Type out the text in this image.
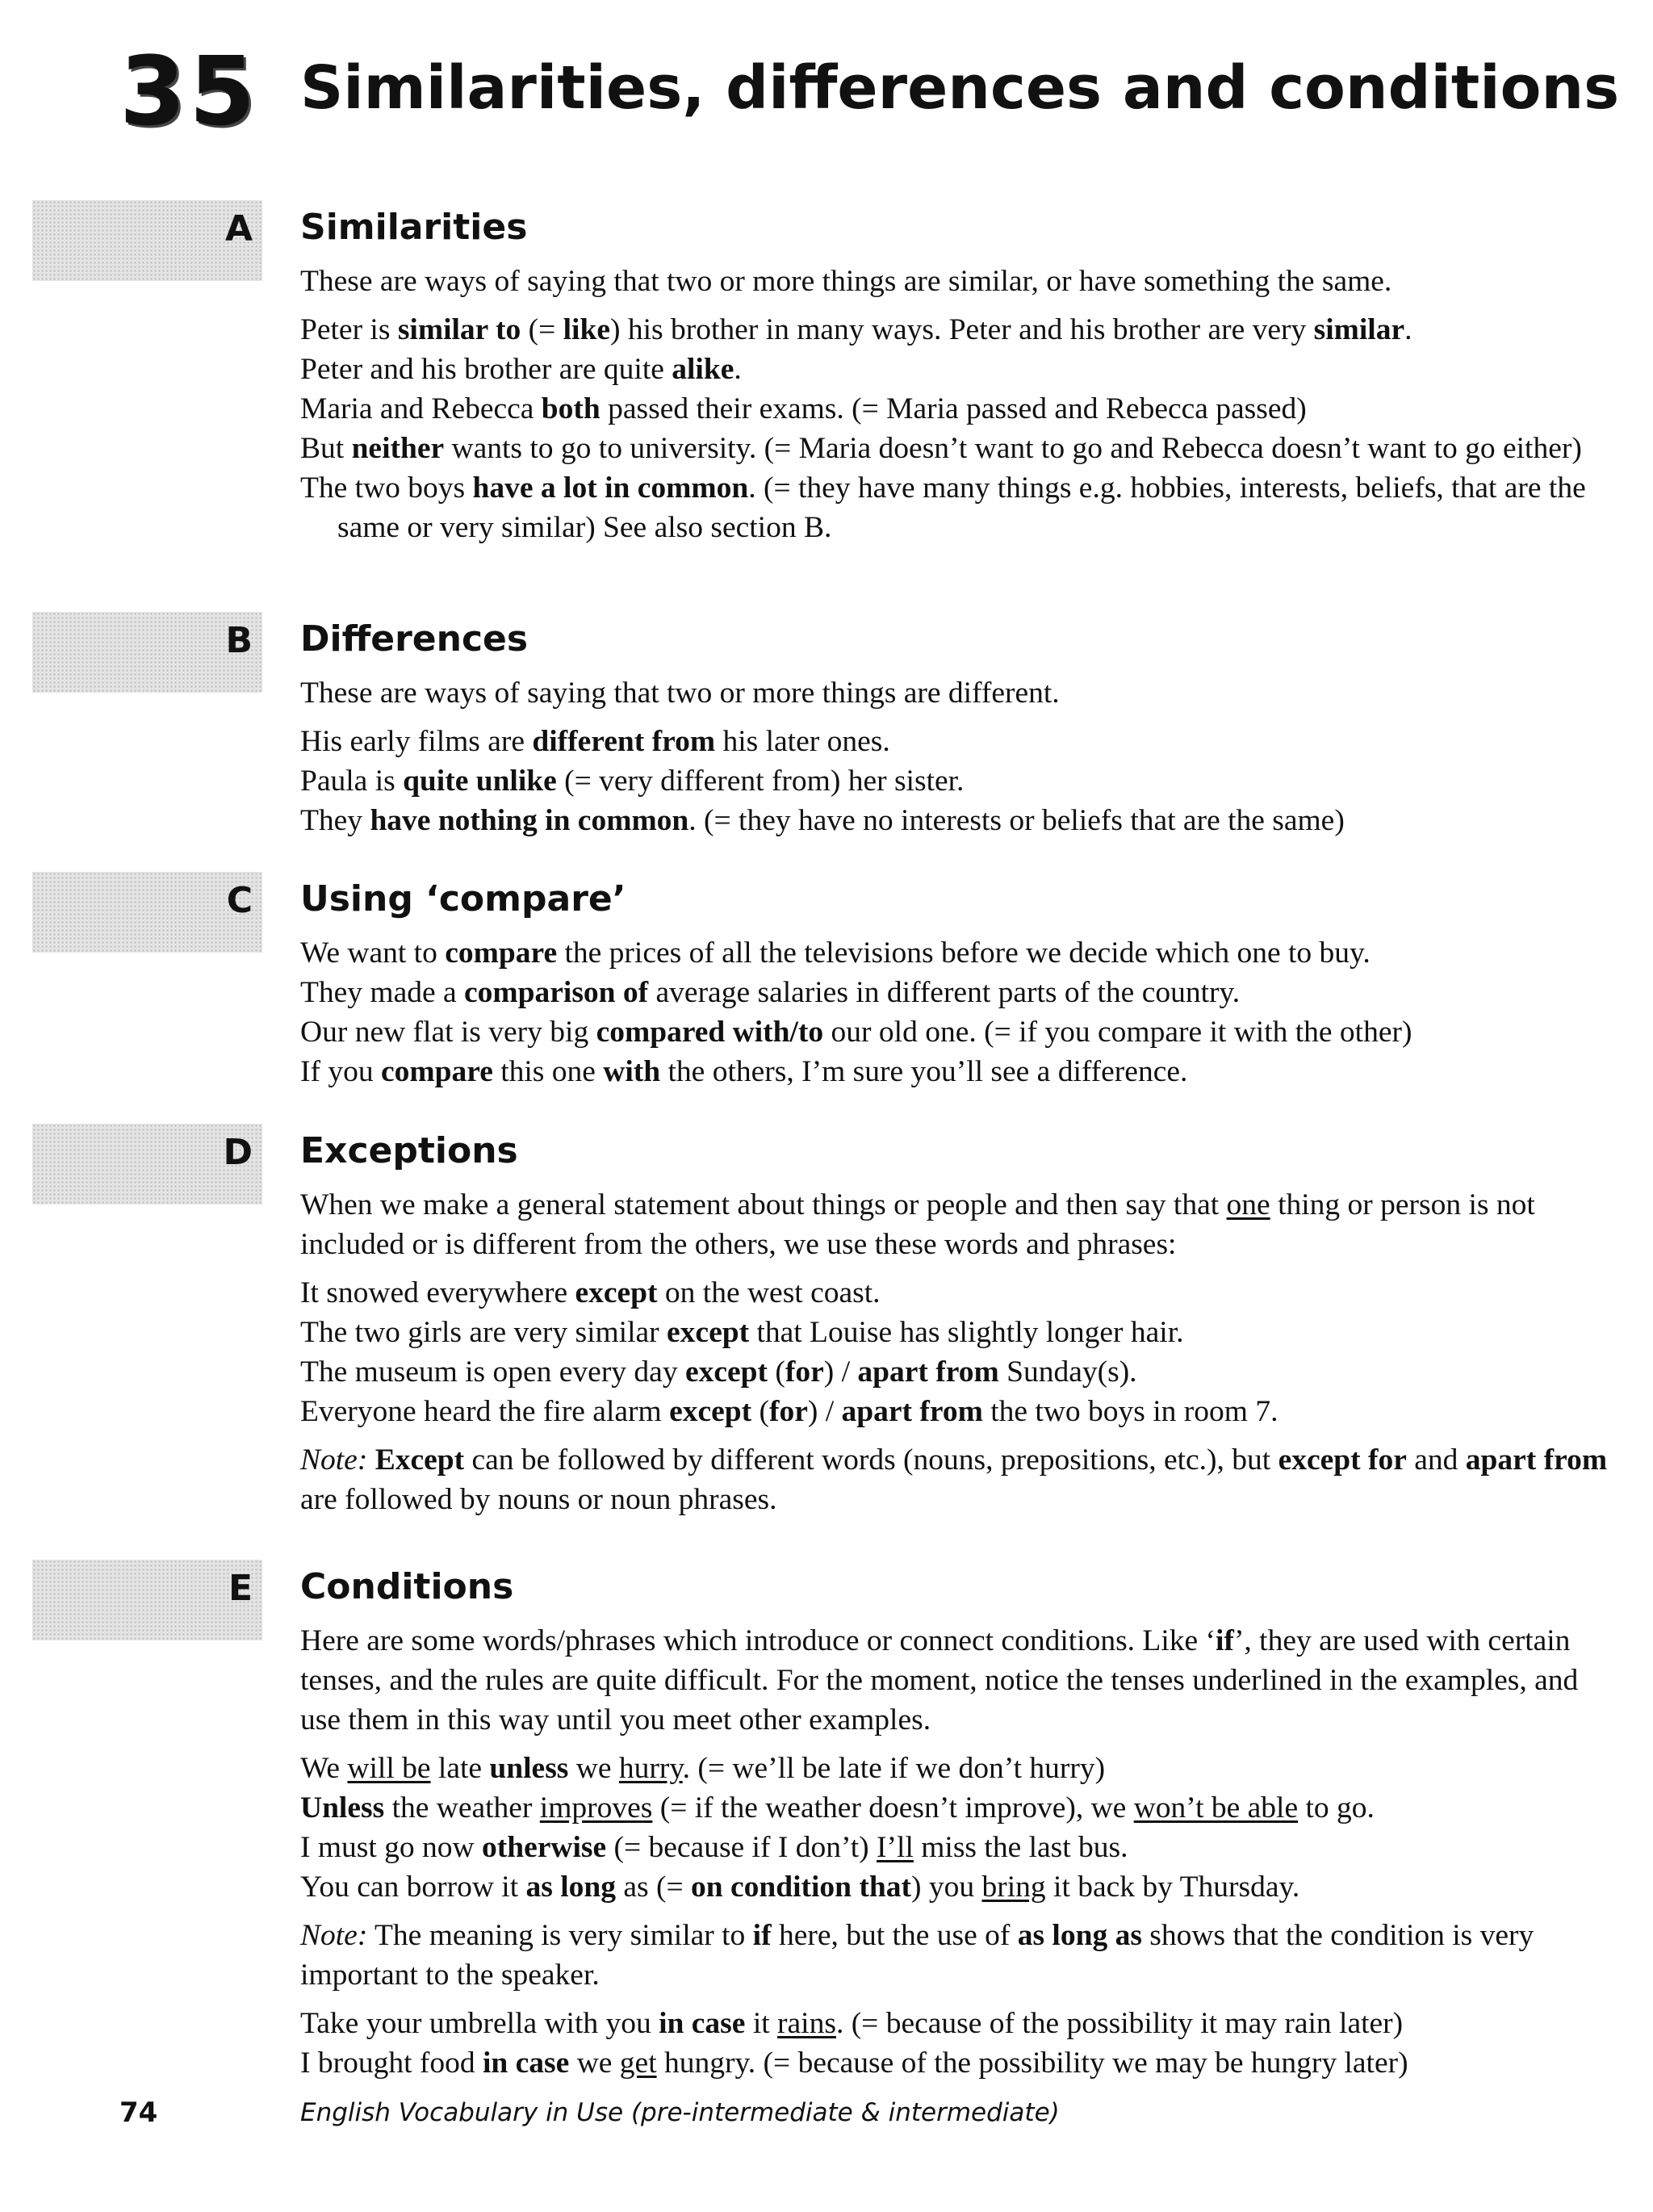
35 Similarities, differences and conditions
A Similarities

These are ways of saying that two or more things are similar, or have something the same.

Peter is similar to (= like) his brother in many ways. Peter and his brother are very similar.

Peter and his brother are quite alike.

Maria and Rebecca both passed their exams. (= Maria passed and Rebecca passed)

But neither wants to go to university. (= Maria doesn’t want to go and Rebecca doesn’t want to go either)

The two boys have a lot in common. (= they have many things e.g. hobbies, interests, beliefs, that are the same or very similar) See also section B.

B Differences

These are ways of saying that two or more things are different.

His early films are different from his later ones.

Paula is quite unlike (= very different from) her sister.

They have nothing in common. (= they have no interests or beliefs that are the same)

C Using ‘compare’

We want to compare the prices of all the televisions before we decide which one to buy.

They made a comparison of average salaries in different parts of the country.

Our new flat is very big compared with/to our old one. (= if you compare it with the other)

If you compare this one with the others, I’m sure you’ll see a difference.

D Exceptions

When we make a general statement about things or people and then say that one thing or person is not included or is different from the others, we use these words and phrases:

It snowed everywhere except on the west coast.

The two girls are very similar except that Louise has slightly longer hair.

The museum is open every day except (for) / apart from Sunday(s).

Everyone heard the fire alarm except (for) / apart from the two boys in room 7.

Note: Except can be followed by different words (nouns, prepositions, etc.), but except for and apart from are followed by nouns or noun phrases.

E Conditions

Here are some words/phrases which introduce or connect conditions. Like ‘if’, they are used with certain tenses, and the rules are quite difficult. For the moment, notice the tenses underlined in the examples, and use them in this way until you meet other examples.

We will be late unless we hurry. (= we’ll be late if we don’t hurry)

Unless the weather improves (= if the weather doesn’t improve), we won’t be able to go.

I must go now otherwise (= because if I don’t) I’ll miss the last bus.

You can borrow it as long as (= on condition that) you bring it back by Thursday.

Note: The meaning is very similar to if here, but the use of as long as shows that the condition is very important to the speaker.

Take your umbrella with you in case it rains. (= because of the possibility it may rain later)

I brought food in case we get hungry. (= because of the possibility we may be hungry later)

74	English Vocabulary in Use (pre-intermediate & intermediate)
